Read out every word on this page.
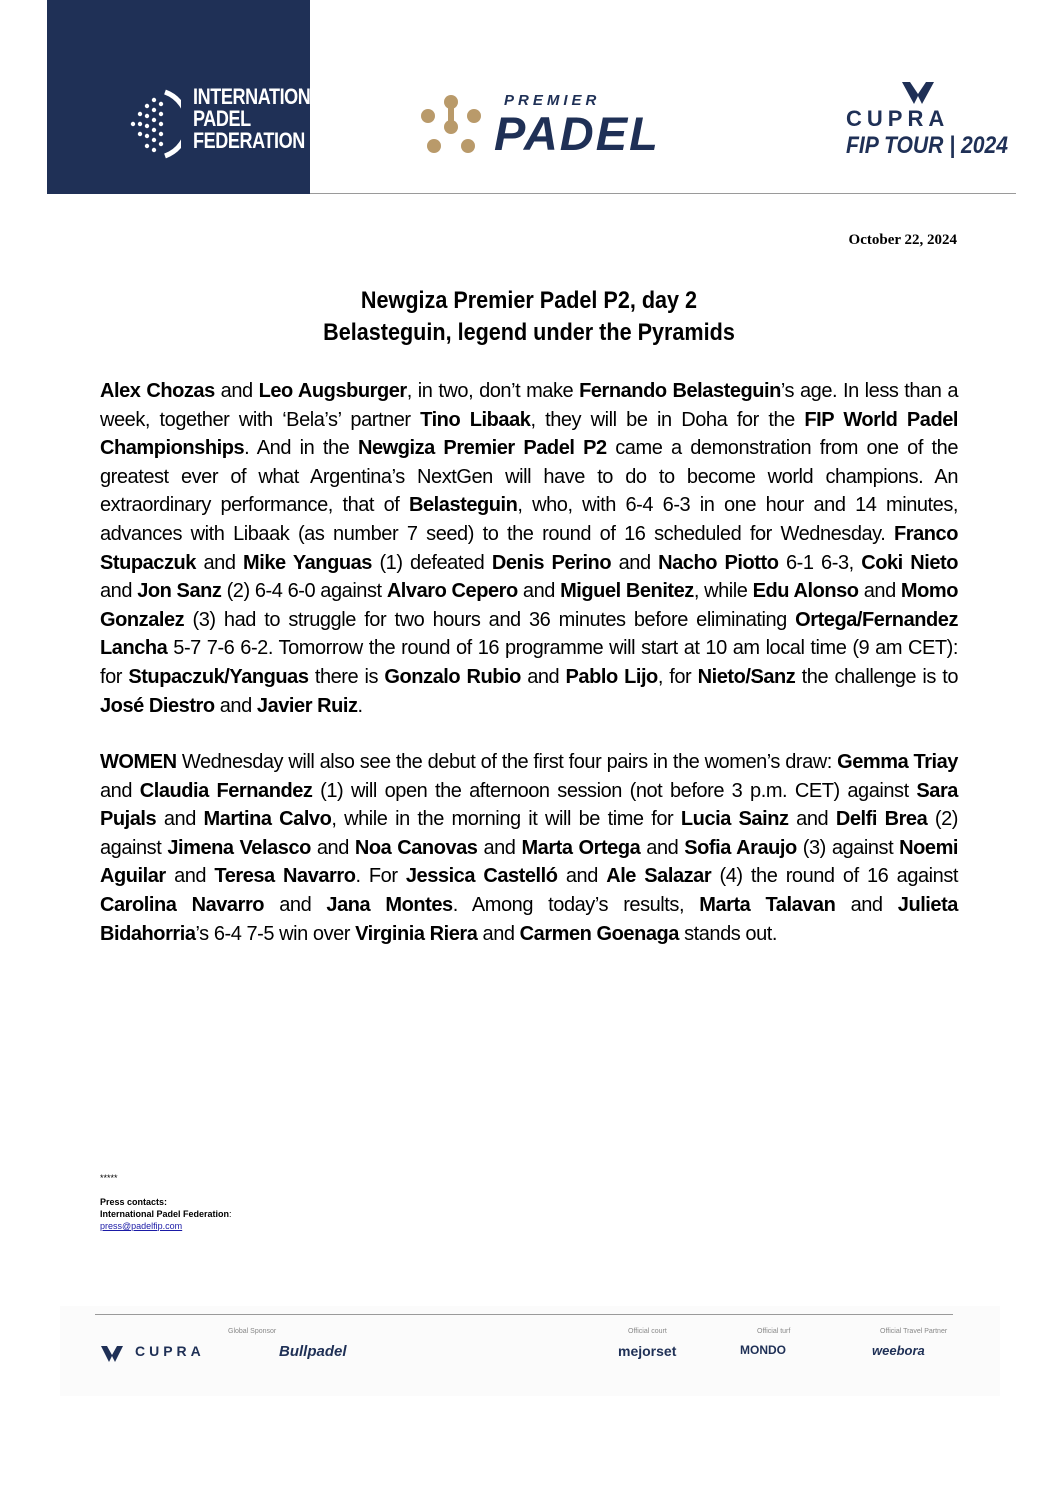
INTERNATIONAL
PADEL
FEDERATION
PREMIER
PADEL	CUPRA
FIP TOUR | 2024
October 22, 2024
Newgiza Premier Padel P2, day 2
Belasteguin, legend under the Pyramids
Alex Chozas and Leo Augsburger, in two, don’t make Fernando Belasteguin’s age. In less than a week, together with ‘Bela’s’ partner Tino Libaak, they will be in Doha for the FIP World Padel Championships. And in the Newgiza Premier Padel P2 came a demonstration from one of the greatest ever of what Argentina’s NextGen will have to do to become world champions. An extraordinary performance, that of Belasteguin, who, with 6-4 6-3 in one hour and 14 minutes, advances with Libaak (as number 7 seed) to the round of 16 scheduled for Wednesday. Franco Stupaczuk and Mike Yanguas (1) defeated Denis Perino and Nacho Piotto 6-1 6-3, Coki Nieto and Jon Sanz (2) 6-4 6-0 against Alvaro Cepero and Miguel Benitez, while Edu Alonso and Momo Gonzalez (3) had to struggle for two hours and 36 minutes before eliminating Ortega/Fernandez Lancha 5-7 7-6 6-2. Tomorrow the round of 16 programme will start at 10 am local time (9 am CET): for Stupaczuk/Yanguas there is Gonzalo Rubio and Pablo Lijo, for Nieto/Sanz the challenge is to José Diestro and Javier Ruiz.
WOMEN Wednesday will also see the debut of the first four pairs in the women’s draw: Gemma Triay and Claudia Fernandez (1) will open the afternoon session (not before 3 p.m. CET) against Sara Pujals and Martina Calvo, while in the morning it will be time for Lucia Sainz and Delfi Brea (2) against Jimena Velasco and Noa Canovas and Marta Ortega and Sofia Araujo (3) against Noemi Aguilar and Teresa Navarro. For Jessica Castelló and Ale Salazar (4) the round of 16 against Carolina Navarro and Jana Montes. Among today’s results, Marta Talavan and Julieta Bidahorria’s 6-4 7-5 win over Virginia Riera and Carmen Goenaga stands out.
*****
Press contacts:
International Padel Federation:
press@padelfip.com
Global Sponsor	Official court	Official turf	Official Travel Partner
CUPRA	Bullpadel	mejorset	MONDO	weebora
